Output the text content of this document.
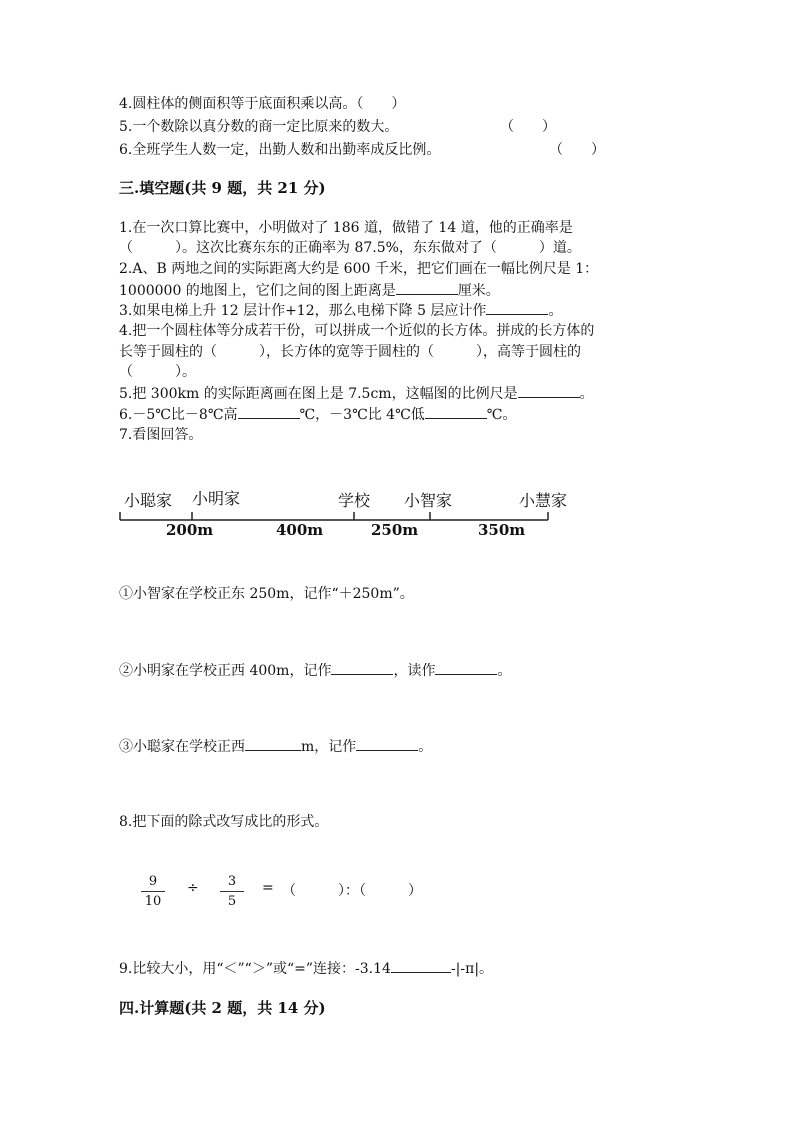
4.圆柱体的侧面积等于底面积乘以高。（　　）
5.一个数除以真分数的商一定比原来的数大。	（　　）
6.全班学生人数一定，出勤人数和出勤率成反比例。	（　　）
三.填空题(共 9 题，共 21 分)
1.在一次口算比赛中，小明做对了 186 道，做错了 14 道，他的正确率是
（　　　）。这次比赛东东的正确率为 87.5%，东东做对了（　　　）道。
2.A、B 两地之间的实际距离大约是 600 千米，把它们画在一幅比例尺是 1：
1000000 的地图上，它们之间的图上距离是	厘米。
3.如果电梯上升 12 层计作+12，那么电梯下降 5 层应计作	。
4.把一个圆柱体等分成若干份，可以拼成一个近似的长方体。拼成的长方体的
长等于圆柱的（　　　），长方体的宽等于圆柱的（　　　），高等于圆柱的
（　　　）。
5.把 300km 的实际距离画在图上是 7.5cm，这幅图的比例尺是	。
6.－5℃比－8℃高	℃，－3℃比 4℃低	℃。
7.看图回答。
小聪家 小明家	学校 小智家	小慧家
200m	400m	250m	350m
①小智家在学校正东 250m，记作“＋250m”。
②小明家在学校正西 400m，记作	，读作	。
③小聪家在学校正西	m，记作	。
8.把下面的除式改写成比的形式。
9
10
÷	3
5
= （　　　）：（　　　）
9.比较大小，用“＜”“＞”或“=”连接：-3.14	-|-π|。
四.计算题(共 2 题，共 14 分)
